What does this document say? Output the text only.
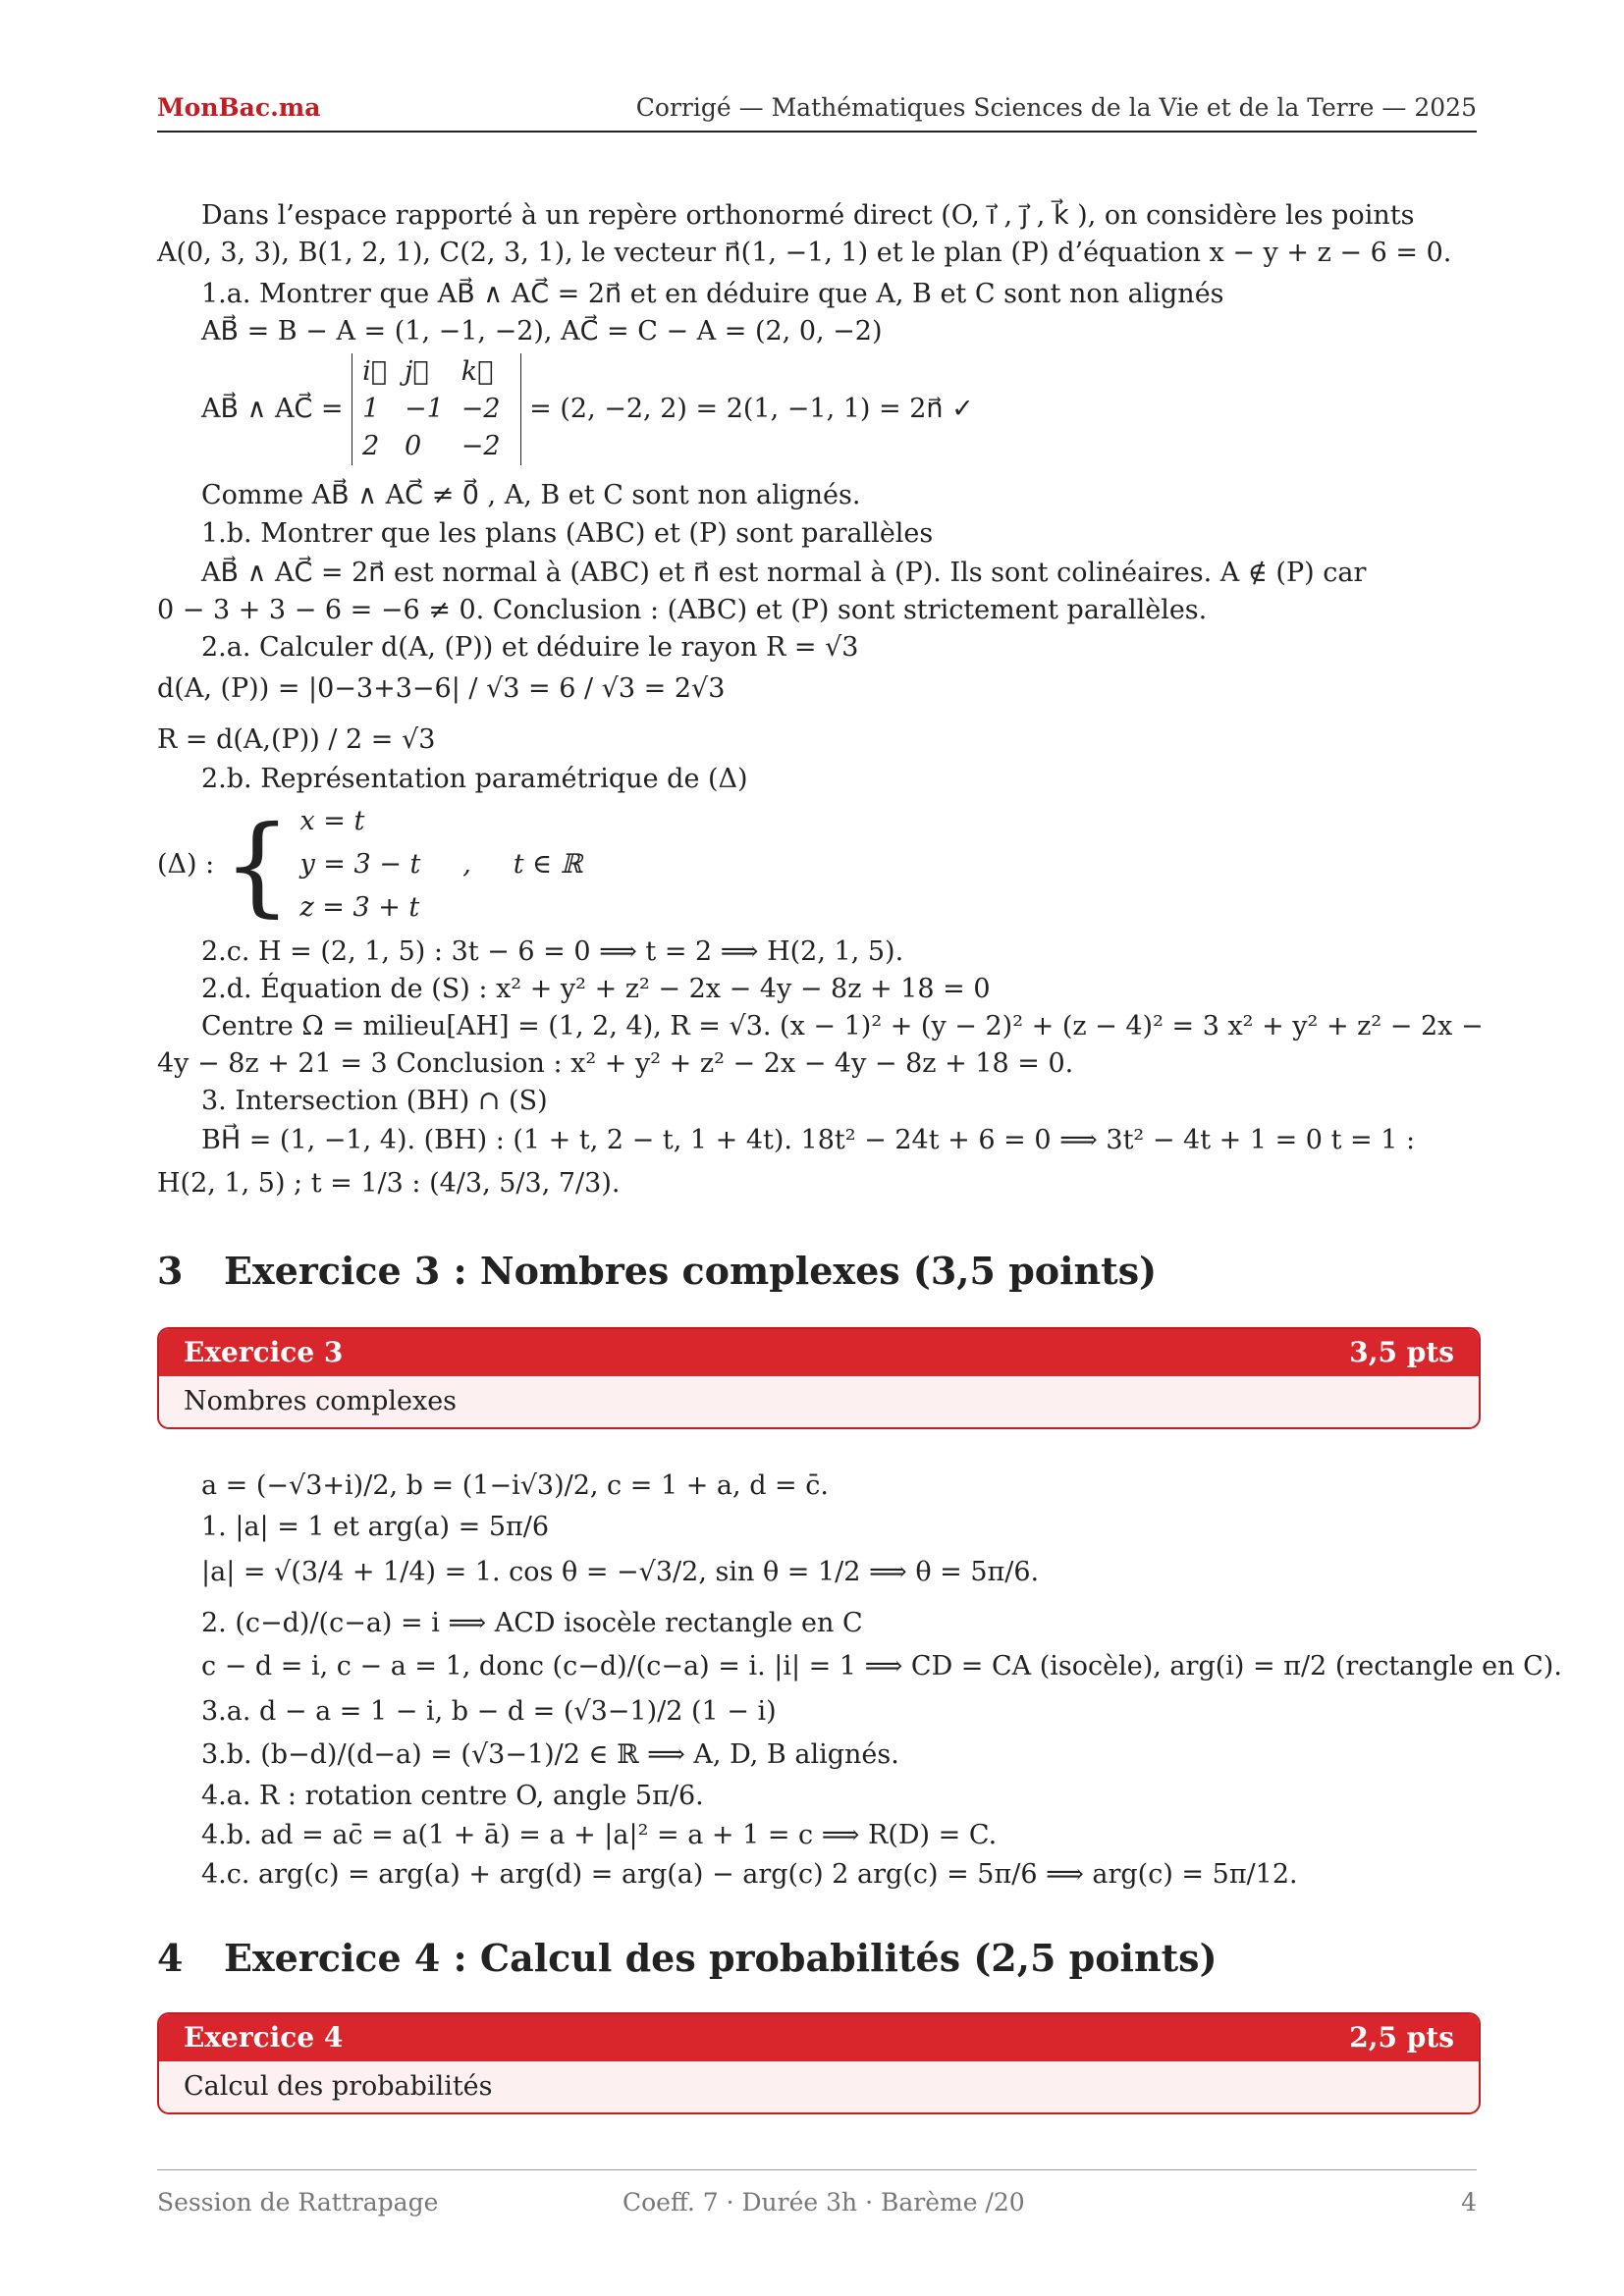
MonBac.ma	Corrigé — Mathématiques Sciences de la Vie et de la Terre — 2025
Dans l’espace rapporté à un repère orthonormé direct (O, i⃗ , j⃗ , k⃗ ), on considère les points
A(0, 3, 3), B(1, 2, 1), C(2, 3, 1), le vecteur n⃗(1, −1, 1) et le plan (P) d’équation x − y + z − 6 = 0.
1.a. Montrer que AB⃗ ∧ AC⃗ = 2n⃗ et en déduire que A, B et C sont non alignés
AB⃗ = B − A = (1, −1, −2), AC⃗ = C − A = (2, 0, −2)
AB⃗ ∧ AC⃗ =
i⃗	j⃗	k⃗
1	−1	−2
2	0	−2
= (2, −2, 2) = 2(1, −1, 1) = 2n⃗ ✓
Comme AB⃗ ∧ AC⃗ ≠ 0⃗ , A, B et C sont non alignés.
1.b. Montrer que les plans (ABC) et (P) sont parallèles
AB⃗ ∧ AC⃗ = 2n⃗ est normal à (ABC) et n⃗ est normal à (P). Ils sont colinéaires. A ∉ (P) car
0 − 3 + 3 − 6 = −6 ≠ 0. Conclusion : (ABC) et (P) sont strictement parallèles.
2.a. Calculer d(A, (P)) et déduire le rayon R = √3
d(A, (P)) = |0−3+3−6| / √3 = 6 / √3 = 2√3
R = d(A,(P)) / 2 = √3
2.b. Représentation paramétrique de (Δ)
(Δ) : { x = t
y = 3 − t     ,     t ∈ ℝ
z = 3 + t
2.c. H = (2, 1, 5) : 3t − 6 = 0 ⟹ t = 2 ⟹ H(2, 1, 5).
2.d. Équation de (S) : x² + y² + z² − 2x − 4y − 8z + 18 = 0
Centre Ω = milieu[AH] = (1, 2, 4), R = √3. (x − 1)² + (y − 2)² + (z − 4)² = 3 x² + y² + z² − 2x −
4y − 8z + 21 = 3 Conclusion : x² + y² + z² − 2x − 4y − 8z + 18 = 0.
3. Intersection (BH) ∩ (S)
BH⃗ = (1, −1, 4). (BH) : (1 + t, 2 − t, 1 + 4t). 18t² − 24t + 6 = 0 ⟹ 3t² − 4t + 1 = 0 t = 1 :
H(2, 1, 5) ; t = 1/3 : (4/3, 5/3, 7/3).
3 Exercice 3 : Nombres complexes (3,5 points)
Exercice 3	3,5 pts
Nombres complexes
a = (−√3+i)/2, b = (1−i√3)/2, c = 1 + a, d = c̄.
1. |a| = 1 et arg(a) = 5π/6
|a| = √(3/4 + 1/4) = 1. cos θ = −√3/2, sin θ = 1/2 ⟹ θ = 5π/6.
2. (c−d)/(c−a) = i ⟹ ACD isocèle rectangle en C
c − d = i, c − a = 1, donc (c−d)/(c−a) = i. |i| = 1 ⟹ CD = CA (isocèle), arg(i) = π/2 (rectangle en C).
3.a. d − a = 1 − i, b − d = (√3−1)/2 (1 − i)
3.b. (b−d)/(d−a) = (√3−1)/2 ∈ ℝ ⟹ A, D, B alignés.
4.a. R : rotation centre O, angle 5π/6.
4.b. ad = ac̄ = a(1 + ā) = a + |a|² = a + 1 = c ⟹ R(D) = C.
4.c. arg(c) = arg(a) + arg(d) = arg(a) − arg(c) 2 arg(c) = 5π/6 ⟹ arg(c) = 5π/12.
4 Exercice 4 : Calcul des probabilités (2,5 points)
Exercice 4	2,5 pts
Calcul des probabilités
Session de Rattrapage	Coeff. 7 · Durée 3h · Barème /20	4
